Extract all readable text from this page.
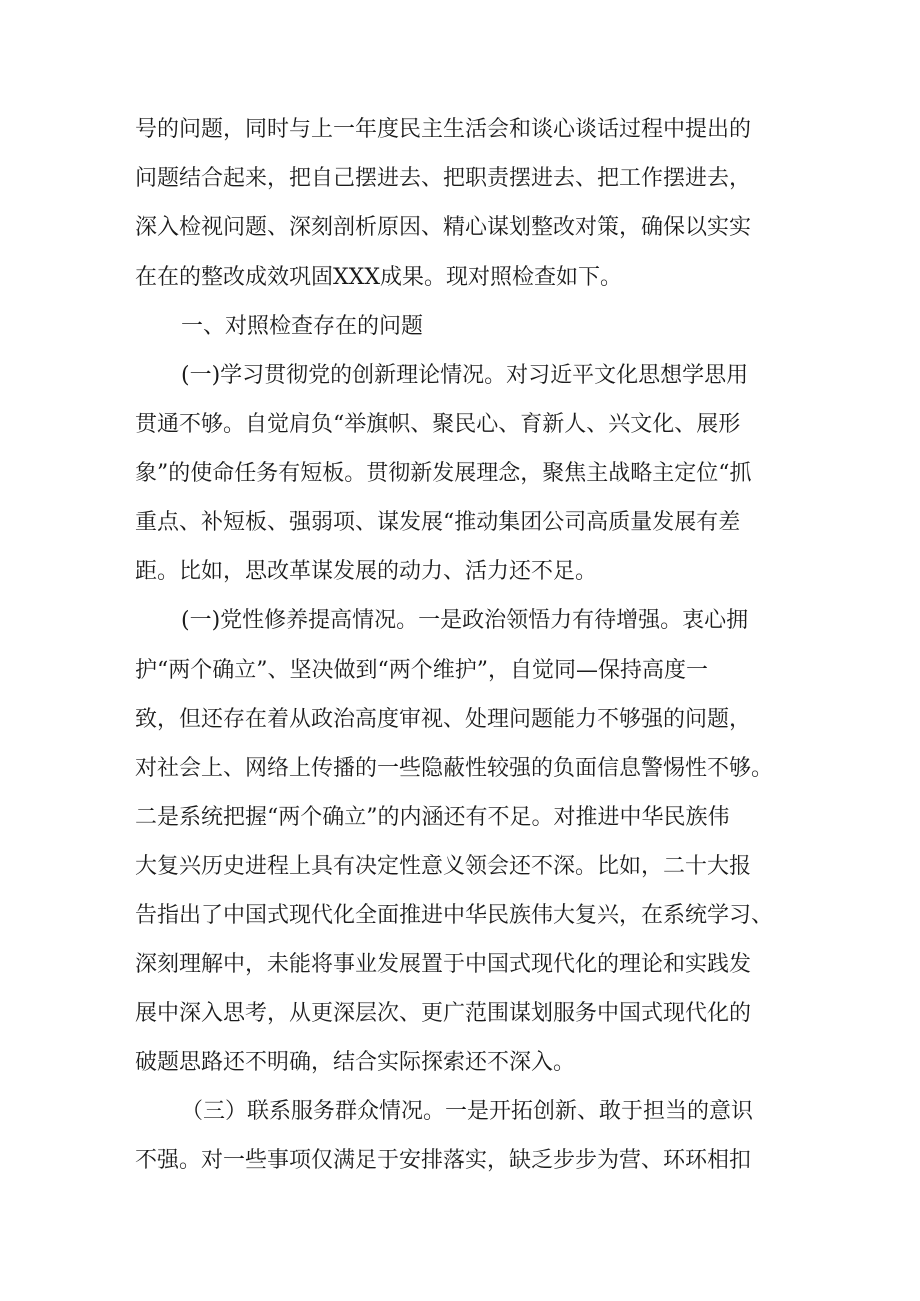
号的问题，同时与上一年度民主生活会和谈心谈话过程中提出的
问题结合起来，把自己摆进去、把职责摆进去、把工作摆进去，
深入检视问题、深刻剖析原因、精心谋划整改对策，确保以实实
在在的整改成效巩固XXX成果。现对照检查如下。
一、对照检查存在的问题
(一)学习贯彻党的创新理论情况。对习近平文化思想学思用
贯通不够。自觉肩负“举旗帜、聚民心、育新人、兴文化、展形
象”的使命任务有短板。贯彻新发展理念，聚焦主战略主定位“抓
重点、补短板、强弱项、谋发展“推动集团公司高质量发展有差
距。比如，思改革谋发展的动力、活力还不足。
(一)党性修养提高情况。一是政治领悟力有待增强。衷心拥
护“两个确立”、坚决做到“两个维护”，自觉同—保持高度一
致，但还存在着从政治高度审视、处理问题能力不够强的问题，
对社会上、网络上传播的一些隐蔽性较强的负面信息警惕性不够。
二是系统把握“两个确立”的内涵还有不足。对推进中华民族伟
大复兴历史进程上具有决定性意义领会还不深。比如，二十大报
告指出了中国式现代化全面推进中华民族伟大复兴，在系统学习、
深刻理解中，未能将事业发展置于中国式现代化的理论和实践发
展中深入思考，从更深层次、更广范围谋划服务中国式现代化的
破题思路还不明确，结合实际探索还不深入。
（三）联系服务群众情况。一是开拓创新、敢于担当的意识
不强。对一些事项仅满足于安排落实，缺乏步步为营、环环相扣
